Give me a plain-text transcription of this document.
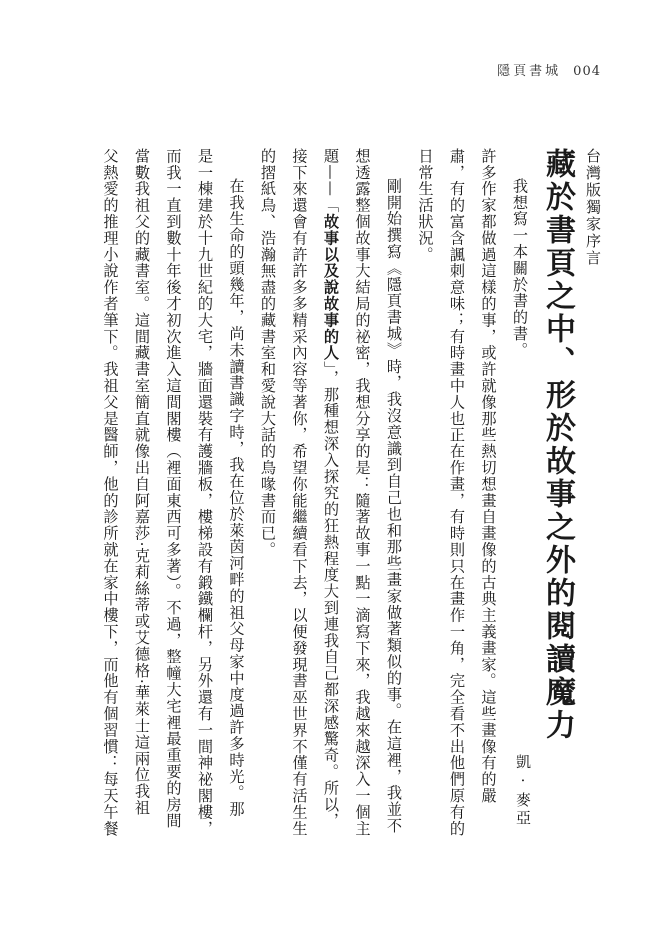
隱頁書城 004

台灣版獨家序言

藏於書頁之中、形於故事之外的閱讀魔力

我想寫一本關於書的書。

許多作家都做過這樣的事，或許就像那些熱切想畫自畫像的古典主義畫家。這些畫像有的嚴

肅，有的富含諷刺意味；有時畫中人也正在作畫，有時則只在畫作一角，完全看不出他們原有的

日常生活狀況。

剛開始撰寫《隱頁書城》時，我沒意識到自己也和那些畫家做著類似的事。在這裡，我並不

想透露整個故事大結局的祕密，我想分享的是：隨著故事一點一滴寫下來，我越來越深入一個主

題——「故事以及說故事的人」，那種想深入探究的狂熱程度大到連我自己都深感驚奇。所以，

接下來還會有許許多多精采內容等著你，希望你能繼續看下去，以便發現書巫世界不僅有活生生

的摺紙鳥、浩瀚無盡的藏書室和愛說大話的鳥喙書而已。

在我生命的頭幾年，尚未讀書識字時，我在位於萊茵河畔的祖父母家中度過許多時光。那

是一棟建於十九世紀的大宅，牆面還裝有護牆板，樓梯設有鍛鐵欄杆，另外還有一間神祕閣樓，

而我一直到數十年後才初次進入這間閣樓（裡面東西可多著）。不過，整幢大宅裡最重要的房間

當數我祖父的藏書室。這間藏書室簡直就像出自阿嘉莎·克莉絲蒂或艾德格·華萊士這兩位我祖

父熱愛的推理小說作者筆下。我祖父是醫師，他的診所就在家中樓下，而他有個習慣：每天午餐	凱·麥亞
